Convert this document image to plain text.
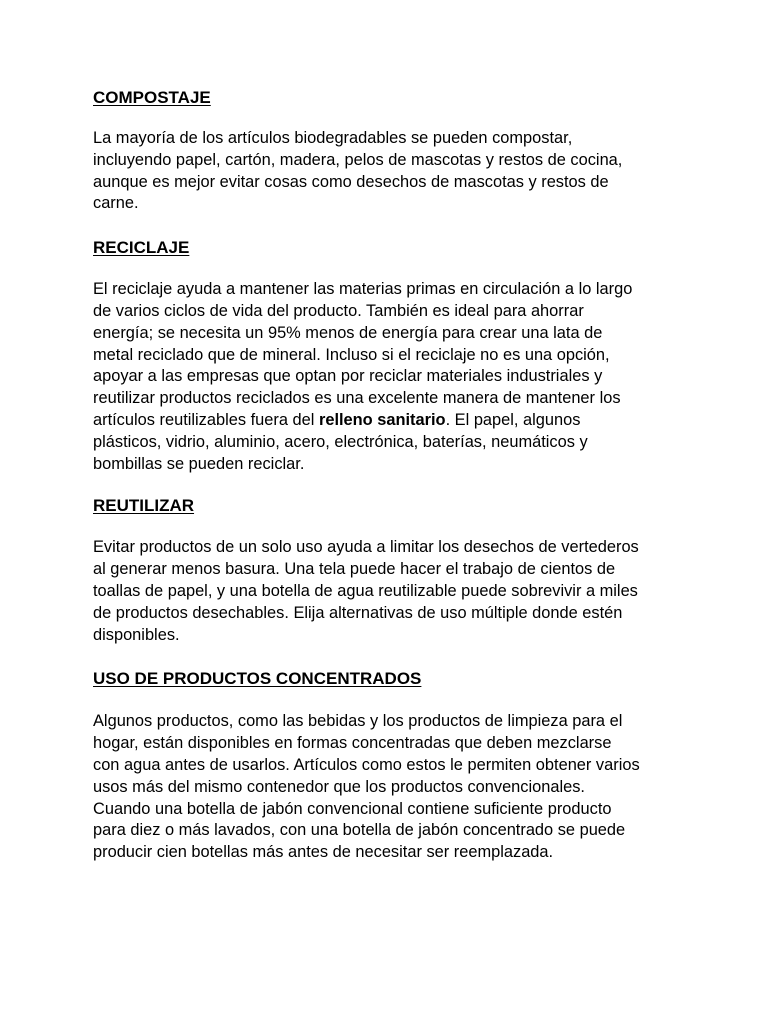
COMPOSTAJE

La mayoría de los artículos biodegradables se pueden compostar,
incluyendo papel, cartón, madera, pelos de mascotas y restos de cocina,
aunque es mejor evitar cosas como desechos de mascotas y restos de
carne.

RECICLAJE

El reciclaje ayuda a mantener las materias primas en circulación a lo largo
de varios ciclos de vida del producto. También es ideal para ahorrar
energía; se necesita un 95% menos de energía para crear una lata de
metal reciclado que de mineral. Incluso si el reciclaje no es una opción,
apoyar a las empresas que optan por reciclar materiales industriales y
reutilizar productos reciclados es una excelente manera de mantener los
artículos reutilizables fuera del relleno sanitario. El papel, algunos
plásticos, vidrio, aluminio, acero, electrónica, baterías, neumáticos y
bombillas se pueden reciclar.

REUTILIZAR

Evitar productos de un solo uso ayuda a limitar los desechos de vertederos
al generar menos basura. Una tela puede hacer el trabajo de cientos de
toallas de papel, y una botella de agua reutilizable puede sobrevivir a miles
de productos desechables. Elija alternativas de uso múltiple donde estén
disponibles.

USO DE PRODUCTOS CONCENTRADOS

Algunos productos, como las bebidas y los productos de limpieza para el
hogar, están disponibles en formas concentradas que deben mezclarse
con agua antes de usarlos. Artículos como estos le permiten obtener varios
usos más del mismo contenedor que los productos convencionales.
Cuando una botella de jabón convencional contiene suficiente producto
para diez o más lavados, con una botella de jabón concentrado se puede
producir cien botellas más antes de necesitar ser reemplazada.
